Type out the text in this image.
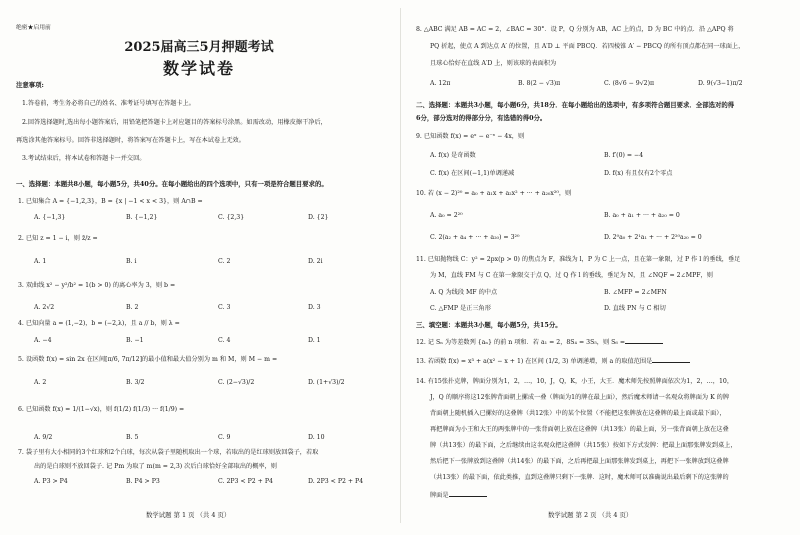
绝密★启用前
2025届高三5月押题考试
数学试卷
注意事项:
1.答卷前，考生务必将自己的姓名、准考证号填写在答题卡上。
2.回答选择题时,选出每小题答案后，用铅笔把答题卡上对应题目的答案标号涂黑。如需改动，用橡皮擦干净后，
再选涂其他答案标号。回答非选择题时，将答案写在答题卡上，写在本试卷上无效。
3.考试结束后，将本试卷和答题卡一并交回。
一、选择题：本题共8小题，每小题5分，共40分。在每小题给出的四个选项中，只有一项是符合题目要求的。
1. 已知集合 A = {−1,2,3}，B = {x | −1 < x < 3}，则 A∩B =
A. {−1,3}	B. {−1,2}	C. {2,3}	D. {2}
2. 已知 z = 1 − i，则 z̄/z =
A. 1	B. i	C. 2	D. 2i
3. 双曲线 x² − y²/b² = 1(b > 0) 的离心率为 3，则 b =
A. 2√2	B. 2	C. 3	D. 3
4. 已知向量 a = (1,−2)，b = (−2,λ)，且 a // b，则 λ =
A. −4	B. −1	C. 4	D. 1
5. 设函数 f(x) = sin 2x 在区间[π/6, 7π/12]的最小值和最大值分别为 m 和 M，则 M − m =
A. 2	B. 3/2	C. (2−√3)/2	D. (1+√3)/2
6. 已知函数 f(x) = 1/(1−√x)，则 f(1/2) f(1/3) ··· f(1/9) =
A. 9/2	B. 5	C. 9	D. 10
7. 袋子里有大小相同的3个红球和2个白球，每次从袋子里随机取出一个球，若取出的是红球则放回袋子，若取
出的是白球则不放回袋子. 记 Pm 为取了 m(m = 2,3) 次后白球恰好全部取出的概率，则
A. P3 > P4	B. P4 > P3	C. 2P3 < P2 + P4	D. 2P3 < P2 + P4
数学试题 第 1 页 （共 4 页）
8. △ABC 满足 AB = AC = 2，∠BAC = 30°．设 P，Q 分别为 AB，AC 上的点，D 为 BC 中的点．沿 △APQ 将
PQ 折起，使点 A 到达点 A′ 的位置，且 A′D ⊥ 平面 PBCQ．若四棱锥 A′ − PBCQ 的所有顶点都在同一球面上，
且球心恰好在直线 A′D 上，则该球的表面积为
A. 12π	B. 8(2 − √3)π	C. (8√6 − 9√2)π	D. 9(√3−1)π/2
二、选择题：本题共3小题，每小题6分，共18分．在每小题给出的选项中，有多项符合题目要求．全部选对的得
6分，部分选对的得部分分，有选错的得0分。
9. 已知函数 f(x) = eˣ − e⁻ˣ − 4x，则
A. f(x) 是奇函数	B. f′(0) = −4
C. f(x) 在区间(−1,1)单调递减	D. f(x) 有且仅有2个零点
10. 若 (x − 2)²⁰ = a₀ + a₁x + a₂x² + ··· + a₂₀x²⁰，则
A. a₀ = 2²⁰	B. a₀ + a₁ + ··· + a₂₀ = 0
C. 2(a₂ + a₄ + ··· + a₂₀) = 3²⁰	D. 2⁰a₀ + 2¹a₁ + ··· + 2²⁰a₂₀ = 0
11. 已知抛物线 C：y² = 2px(p > 0) 的焦点为 F，准线为 l，P 为 C 上一点，且在第一象限，过 P 作 l 的垂线，垂足
为 M，直线 FM 与 C 在第一象限交于点 Q，过 Q 作 l 的垂线，垂足为 N，且 ∠NQF = 2∠MPF，则
A. Q 为线段 MF 的中点	B. ∠MFP = 2∠MFN
C. △FMP 是正三角形	D. 直线 PN 与 C 相切
三、填空题：本题共3小题，每小题5分，共15分。
12. 记 Sₙ 为等差数列 {aₙ} 的前 n 项和．若 a₁ = 2，8S₄ = 3S₅，则 S₆ =
13. 若函数 f(x) = x³ + a(x² − x + 1) 在区间 (1/2, 3) 单调递增，则 a 的取值范围是
14. 有15张扑克牌，牌面分别为1，2，…，10，J，Q，K，小王，大王．魔术师先按照牌面依次为1，2，…，10，
J，Q 的顺序将这12张牌背面朝上摞成一叠（牌面为1的牌在最上面），然后魔术师请一名观众将牌面为 K 的牌
背面朝上随机插入已摞好的这叠牌（共12张）中的某个位置（不能把这张牌放在这叠牌的最上面或最下面），
再把牌面为小王和大王的两张牌中的一张背面朝上放在这叠牌（共13张）的最上面，另一张背面朝上放在这叠
牌（共13张）的最下面，之后继续由这名观众把这叠牌（共15张）按如下方式发牌：把最上面那张牌发到桌上，
然后把下一张牌放到这叠牌（共14张）的最下面，之后再把最上面那张牌发到桌上，再把下一张牌放到这叠牌
（共13张）的最下面，依此类推，直到这叠牌只剩下一张牌．这时，魔术师可以准确说出最后剩下的这张牌的
牌面是
数学试题 第 2 页 （共 4 页）
